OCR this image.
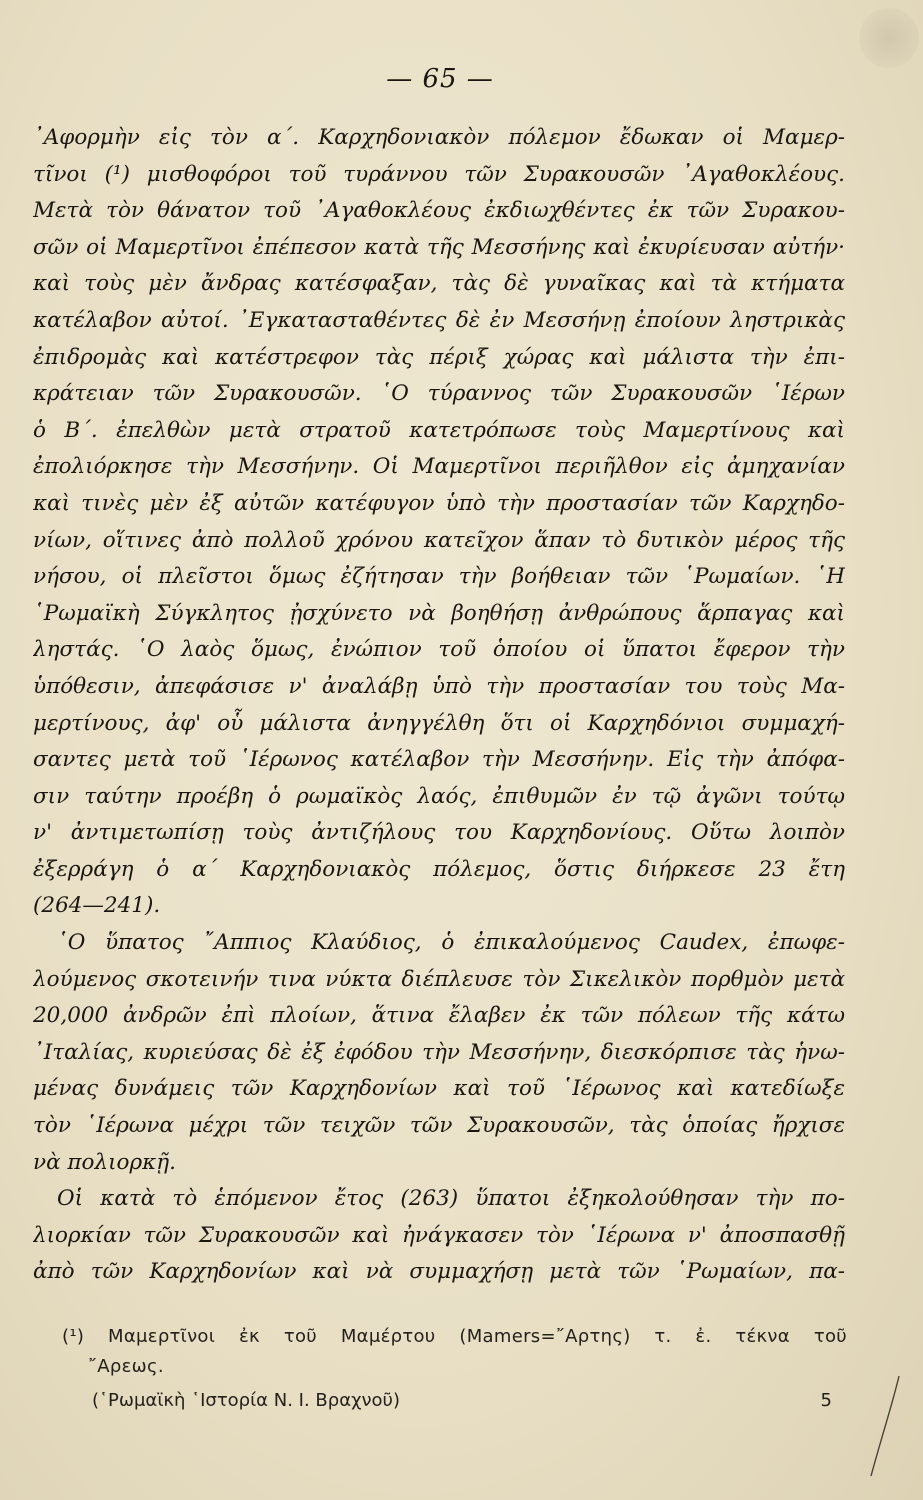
— 65 —
᾿Αφορμὴν εἰς τὸν α΄. Καρχηδονιακὸν πόλεμον ἔδωκαν οἱ Μαμερ-
τῖνοι (¹) μισθοφόροι τοῦ τυράννου τῶν Συρακουσῶν ᾿Αγαθοκλέους.
Μετὰ τὸν θάνατον τοῦ ᾿Αγαθοκλέους ἐκδιωχθέντες ἐκ τῶν Συρακου-
σῶν οἱ Μαμερτῖνοι ἐπέπεσον κατὰ τῆς Μεσσήνης καὶ ἐκυρίευσαν αὐτήν·
καὶ τοὺς μὲν ἄνδρας κατέσφαξαν, τὰς δὲ γυναῖκας καὶ τὰ κτήματα
κατέλαβον αὐτοί. ᾿Εγκατασταθέντες δὲ ἐν Μεσσήνῃ ἐποίουν ληστρικὰς
ἐπιδρομὰς καὶ κατέστρεφον τὰς πέριξ χώρας καὶ μάλιστα τὴν ἐπι-
κράτειαν τῶν Συρακουσῶν. ῾Ο τύραννος τῶν Συρακουσῶν ῾Ιέρων
ὁ Β΄. ἐπελθὼν μετὰ στρατοῦ κατετρόπωσε τοὺς Μαμερτίνους καὶ
ἐπολιόρκησε τὴν Μεσσήνην. Οἱ Μαμερτῖνοι περιῆλθον εἰς ἀμηχανίαν
καὶ τινὲς μὲν ἐξ αὐτῶν κατέφυγον ὑπὸ τὴν προστασίαν τῶν Καρχηδο-
νίων, οἵτινες ἀπὸ πολλοῦ χρόνου κατεῖχον ἅπαν τὸ δυτικὸν μέρος τῆς
νήσου, οἱ πλεῖστοι ὅμως ἐζήτησαν τὴν βοήθειαν τῶν ῾Ρωμαίων. ῾Η
῾Ρωμαϊκὴ Σύγκλητος ᾐσχύνετο νὰ βοηθήσῃ ἀνθρώπους ἅρπαγας καὶ
ληστάς. ῾Ο λαὸς ὅμως, ἐνώπιον τοῦ ὁποίου οἱ ὕπατοι ἔφερον τὴν
ὑπόθεσιν, ἀπεφάσισε ν' ἀναλάβῃ ὑπὸ τὴν προστασίαν του τοὺς Μα-
μερτίνους, ἀφ' οὗ μάλιστα ἀνηγγέλθη ὅτι οἱ Καρχηδόνιοι συμμαχή-
σαντες μετὰ τοῦ ῾Ιέρωνος κατέλαβον τὴν Μεσσήνην. Εἰς τὴν ἀπόφα-
σιν ταύτην προέβη ὁ ρωμαϊκὸς λαός, ἐπιθυμῶν ἐν τῷ ἀγῶνι τούτῳ
ν' ἀντιμετωπίσῃ τοὺς ἀντιζήλους του Καρχηδονίους. Οὕτω λοιπὸν
ἐξερράγη ὁ α΄ Καρχηδονιακὸς πόλεμος, ὅστις διήρκεσε 23 ἔτη
(264—241).
῾Ο ὕπατος ῎Αππιος Κλαύδιος, ὁ ἐπικαλούμενος Caudex, ἐπωφε-
λούμενος σκοτεινήν τινα νύκτα διέπλευσε τὸν Σικελικὸν πορθμὸν μετὰ
20,000 ἀνδρῶν ἐπὶ πλοίων, ἅτινα ἔλαβεν ἐκ τῶν πόλεων τῆς κάτω
᾿Ιταλίας, κυριεύσας δὲ ἐξ ἐφόδου τὴν Μεσσήνην, διεσκόρπισε τὰς ἡνω-
μένας δυνάμεις τῶν Καρχηδονίων καὶ τοῦ ῾Ιέρωνος καὶ κατεδίωξε
τὸν ῾Ιέρωνα μέχρι τῶν τειχῶν τῶν Συρακουσῶν, τὰς ὁποίας ἤρχισε
νὰ πολιορκῇ.
Οἱ κατὰ τὸ ἑπόμενον ἔτος (263) ὕπατοι ἐξηκολούθησαν τὴν πο-
λιορκίαν τῶν Συρακουσῶν καὶ ἠνάγκασεν τὸν ῾Ιέρωνα ν' ἀποσπασθῇ
ἀπὸ τῶν Καρχηδονίων καὶ νὰ συμμαχήσῃ μετὰ τῶν ῾Ρωμαίων, πα-
(¹) Μαμερτῖνοι ἐκ τοῦ Μαμέρτου (Mamers=῎Αρτης) τ. ἐ. τέκνα τοῦ
῎Αρεως.
(῾Ρωμαϊκὴ ῾Ιστορία Ν. Ι. Βραχνοῦ)	5
